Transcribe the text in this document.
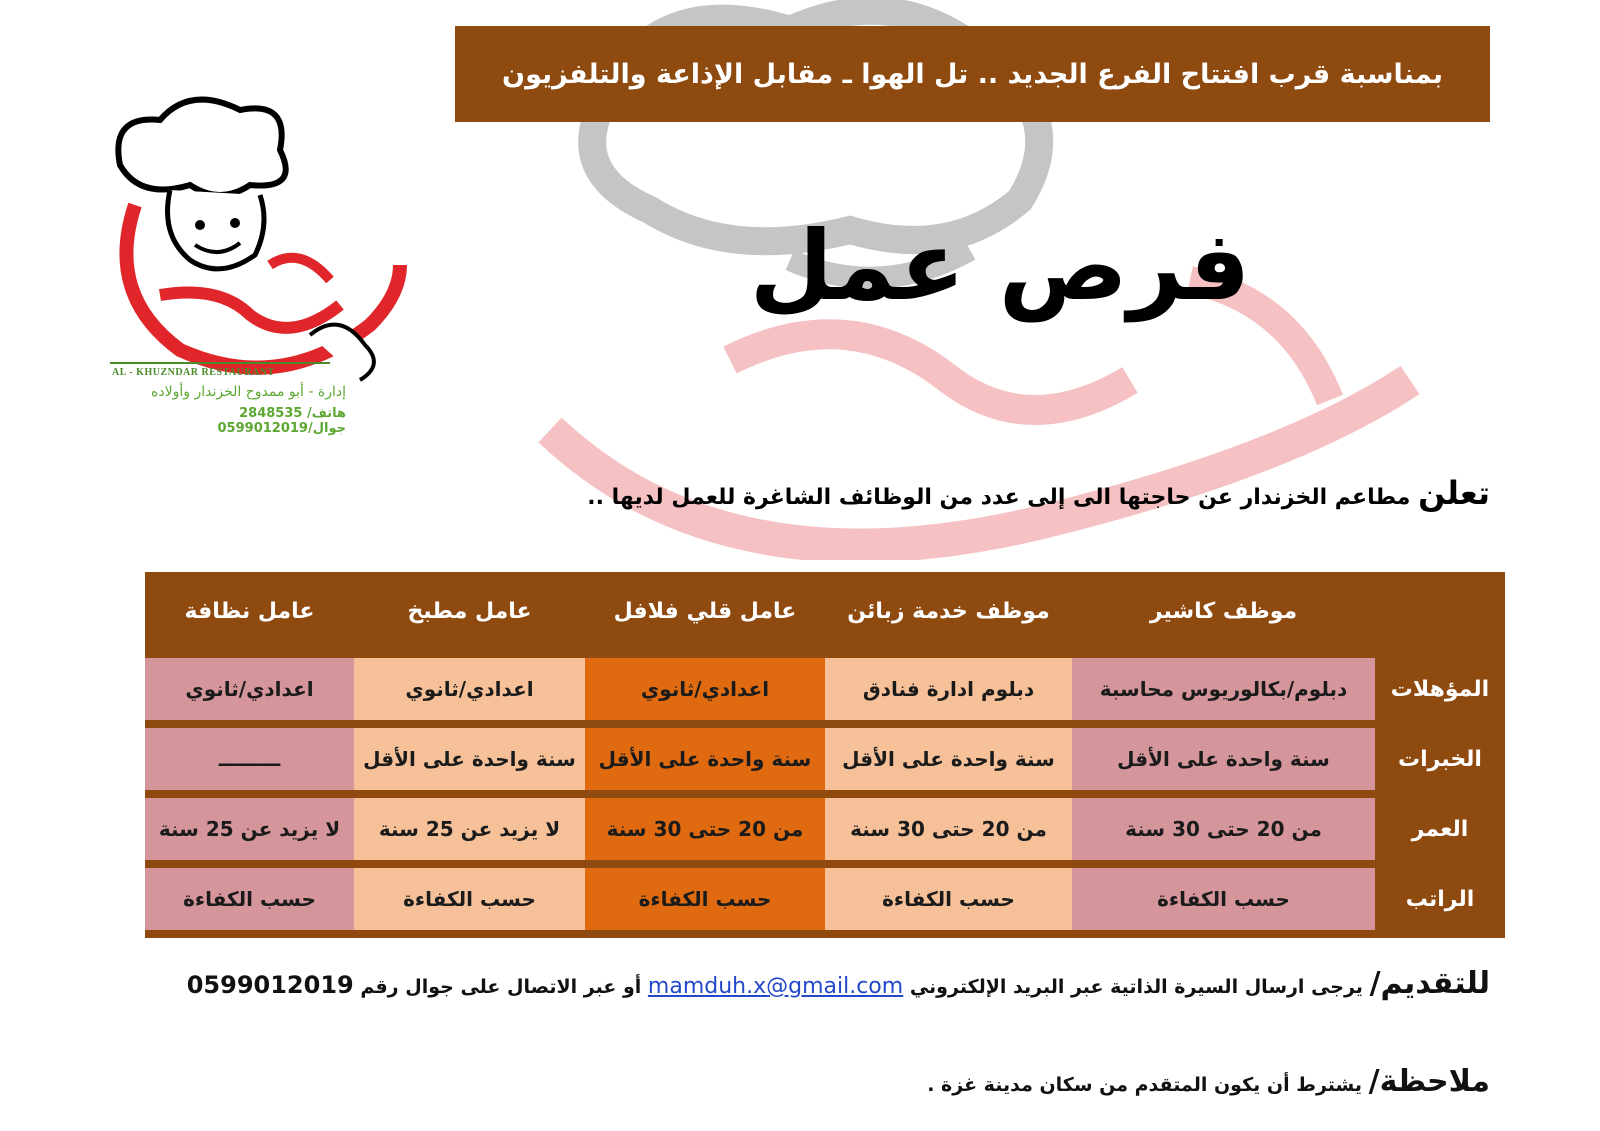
بمناسبة قرب افتتاح الفرع الجديد .. تل الهوا ـ مقابل الإذاعة والتلفزيون
AL - KHUZNDAR RESTAURANT
إدارة - أبو ممدوح الخزندار وأولاده
هاتف/ 2848535 جوال/0599012019
فرص عمل
تعلن مطاعم الخزندار عن حاجتها الى إلى عدد من الوظائف الشاغرة للعمل لديها ..
	موظف كاشير	موظف خدمة زبائن	عامل قلي فلافل	عامل مطبخ	عامل نظافة
المؤهلات	دبلوم/بكالوريوس محاسبة	دبلوم ادارة فنادق	اعدادي/ثانوي	اعدادي/ثانوي	اعدادي/ثانوي
الخبرات	سنة واحدة على الأقل	سنة واحدة على الأقل	سنة واحدة على الأقل	سنة واحدة على الأقل	ـــــــــ
العمر	من 20 حتى 30 سنة	من 20 حتى 30 سنة	من 20 حتى 30 سنة	لا يزيد عن 25 سنة	لا يزيد عن 25 سنة
الراتب	حسب الكفاءة	حسب الكفاءة	حسب الكفاءة	حسب الكفاءة	حسب الكفاءة
للتقديم/ يرجى ارسال السيرة الذاتية عبر البريد الإلكتروني mamduh.x@gmail.com أو عبر الاتصال على جوال رقم 0599012019
ملاحظة/ يشترط أن يكون المتقدم من سكان مدينة غزة .
